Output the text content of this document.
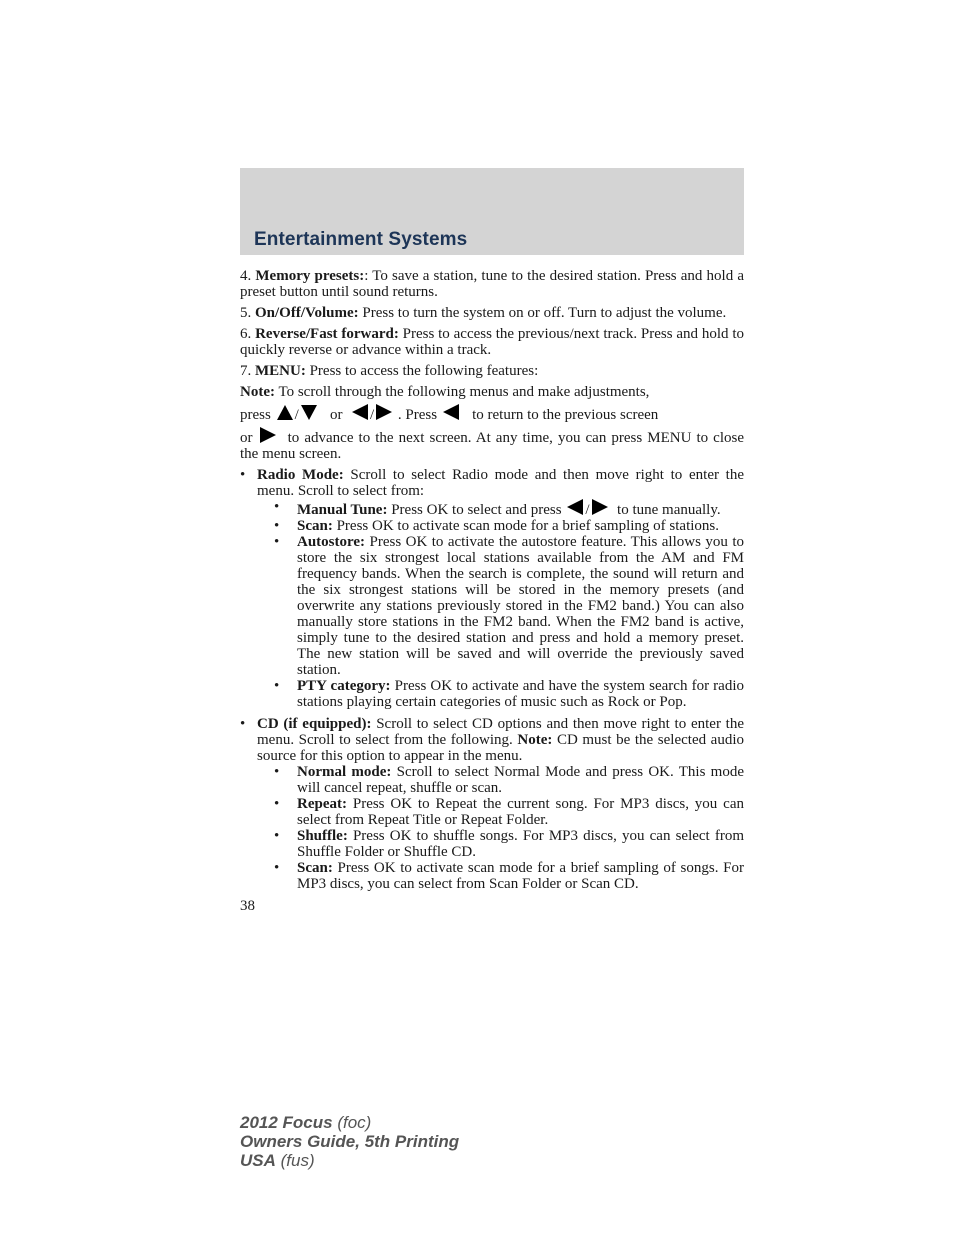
Entertainment Systems

4. Memory presets:: To save a station, tune to the desired station. Press and hold a preset button until sound returns.

5. On/Off/Volume: Press to turn the system on or off. Turn to adjust the volume.

6. Reverse/Fast forward: Press to access the previous/next track. Press and hold to quickly reverse or advance within a track.

7. MENU: Press to access the following features:

Note: To scroll through the following menus and make adjustments,

press / or / . Press to return to the previous screen

or to advance to the next screen. At any time, you can press MENU to close the menu screen.

• Radio Mode: Scroll to select Radio mode and then move right to enter the menu. Scroll to select from:
• Manual Tune: Press OK to select and press / to tune manually.
• Scan: Press OK to activate scan mode for a brief sampling of stations.
• Autostore: Press OK to activate the autostore feature. This allows you to store the six strongest local stations available from the AM and FM frequency bands. When the search is complete, the sound will return and the six strongest stations will be stored in the memory presets (and overwrite any stations previously stored in the FM2 band.) You can also manually store stations in the FM2 band. When the FM2 band is active, simply tune to the desired station and press and hold a memory preset. The new station will be saved and will override the previously saved station.
• PTY category: Press OK to activate and have the system search for radio stations playing certain categories of music such as Rock or Pop.
• CD (if equipped): Scroll to select CD options and then move right to enter the menu. Scroll to select from the following. Note: CD must be the selected audio source for this option to appear in the menu.
• Normal mode: Scroll to select Normal Mode and press OK. This mode will cancel repeat, shuffle or scan.
• Repeat: Press OK to Repeat the current song. For MP3 discs, you can select from Repeat Title or Repeat Folder.
• Shuffle: Press OK to shuffle songs. For MP3 discs, you can select from Shuffle Folder or Shuffle CD.
• Scan: Press OK to activate scan mode for a brief sampling of songs. For MP3 discs, you can select from Scan Folder or Scan CD.
38
2012 Focus (foc)
Owners Guide, 5th Printing
USA (fus)
